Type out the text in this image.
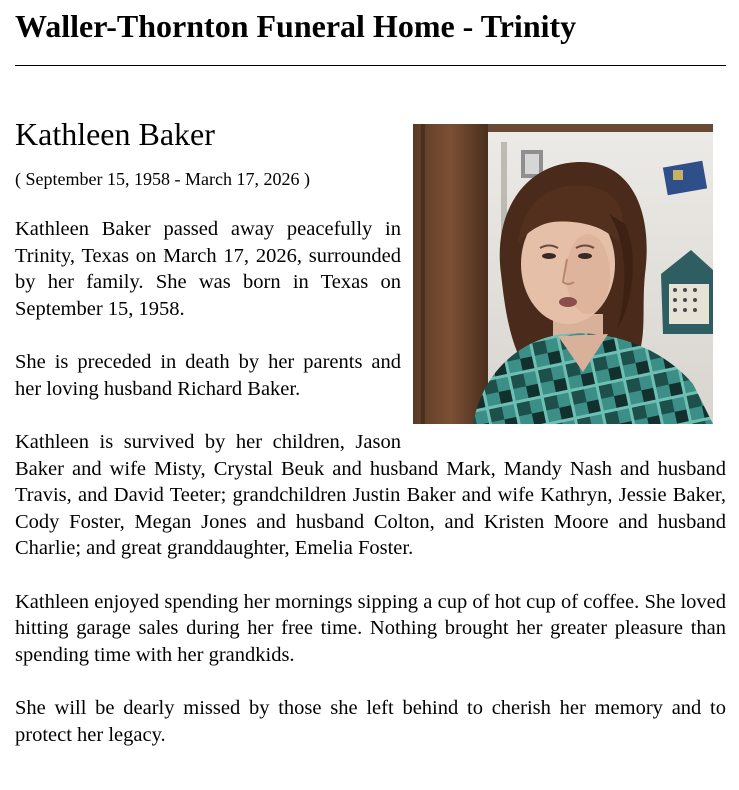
Waller-Thornton Funeral Home - Trinity
Kathleen Baker

( September 15, 1958 - March 17, 2026 )

Kathleen Baker passed away peacefully in Trinity, Texas on March 17, 2026, surrounded by her family. She was born in Texas on September 15, 1958.

She is preceded in death by her parents and her loving husband Richard Baker.

Kathleen is survived by her children, Jason Baker and wife Misty, Crystal Beuk and husband Mark, Mandy Nash and husband Travis, and David Teeter; grandchildren Justin Baker and wife Kathryn, Jessie Baker, Cody Foster, Megan Jones and husband Colton, and Kristen Moore and husband Charlie; and great granddaughter, Emelia Foster.

Kathleen enjoyed spending her mornings sipping a cup of hot cup of coffee. She loved hitting garage sales during her free time. Nothing brought her greater pleasure than spending time with her grandkids.

She will be dearly missed by those she left behind to cherish her memory and to protect her legacy.
